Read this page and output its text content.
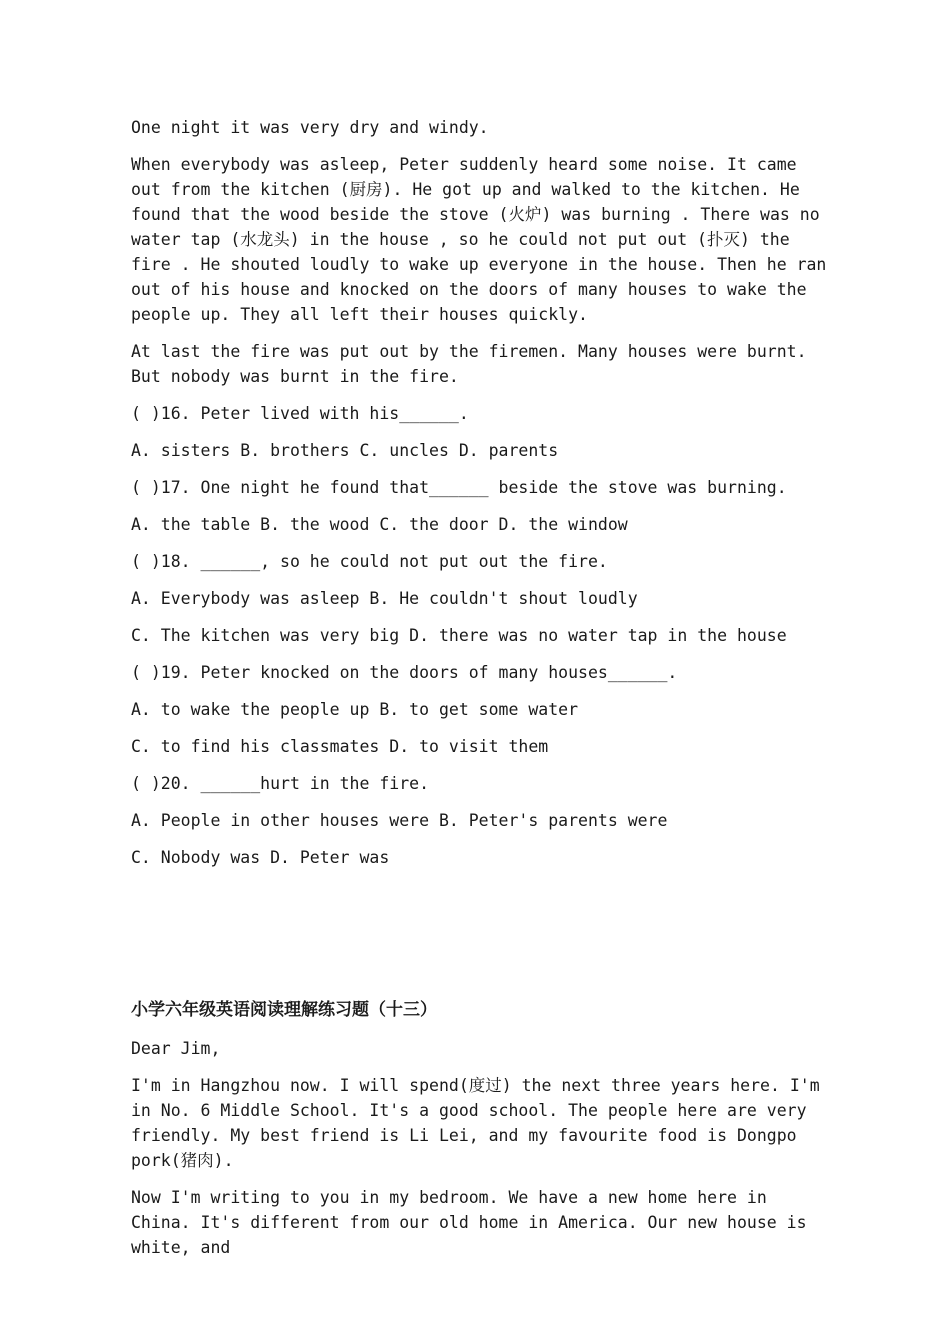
One night it was very dry and windy.

When everybody was asleep, Peter suddenly heard some noise. It came out from the kitchen (厨房). He got up and walked to the kitchen. He found that the wood beside the stove (火炉) was burning . There was no water tap (水龙头) in the house , so he could not put out (扑灭) the fire . He shouted loudly to wake up everyone in the house. Then he ran out of his house and knocked on the doors of many houses to wake the people up. They all left their houses quickly.

At last the fire was put out by the firemen. Many houses were burnt. But nobody was burnt in the fire.

( )16. Peter lived with his______.

A. sisters B. brothers C. uncles D. parents

( )17. One night he found that______ beside the stove was burning.

A. the table B. the wood C. the door D. the window

( )18. ______, so he could not put out the fire.

A. Everybody was asleep B. He couldn't shout loudly

C. The kitchen was very big D. there was no water tap in the house

( )19. Peter knocked on the doors of many houses______.

A. to wake the people up B. to get some water

C. to find his classmates D. to visit them

( )20. ______hurt in the fire.

A. People in other houses were B. Peter's parents were

C. Nobody was D. Peter was

小学六年级英语阅读理解练习题（十三）

Dear Jim,

I'm in Hangzhou now. I will spend(度过) the next three years here. I'm in No. 6 Middle School. It's a good school. The people here are very friendly. My best friend is Li Lei, and my favourite food is Dongpo pork(猪肉).

Now I'm writing to you in my bedroom. We have a new home here in China. It's different from our old home in America. Our new house is white, and
